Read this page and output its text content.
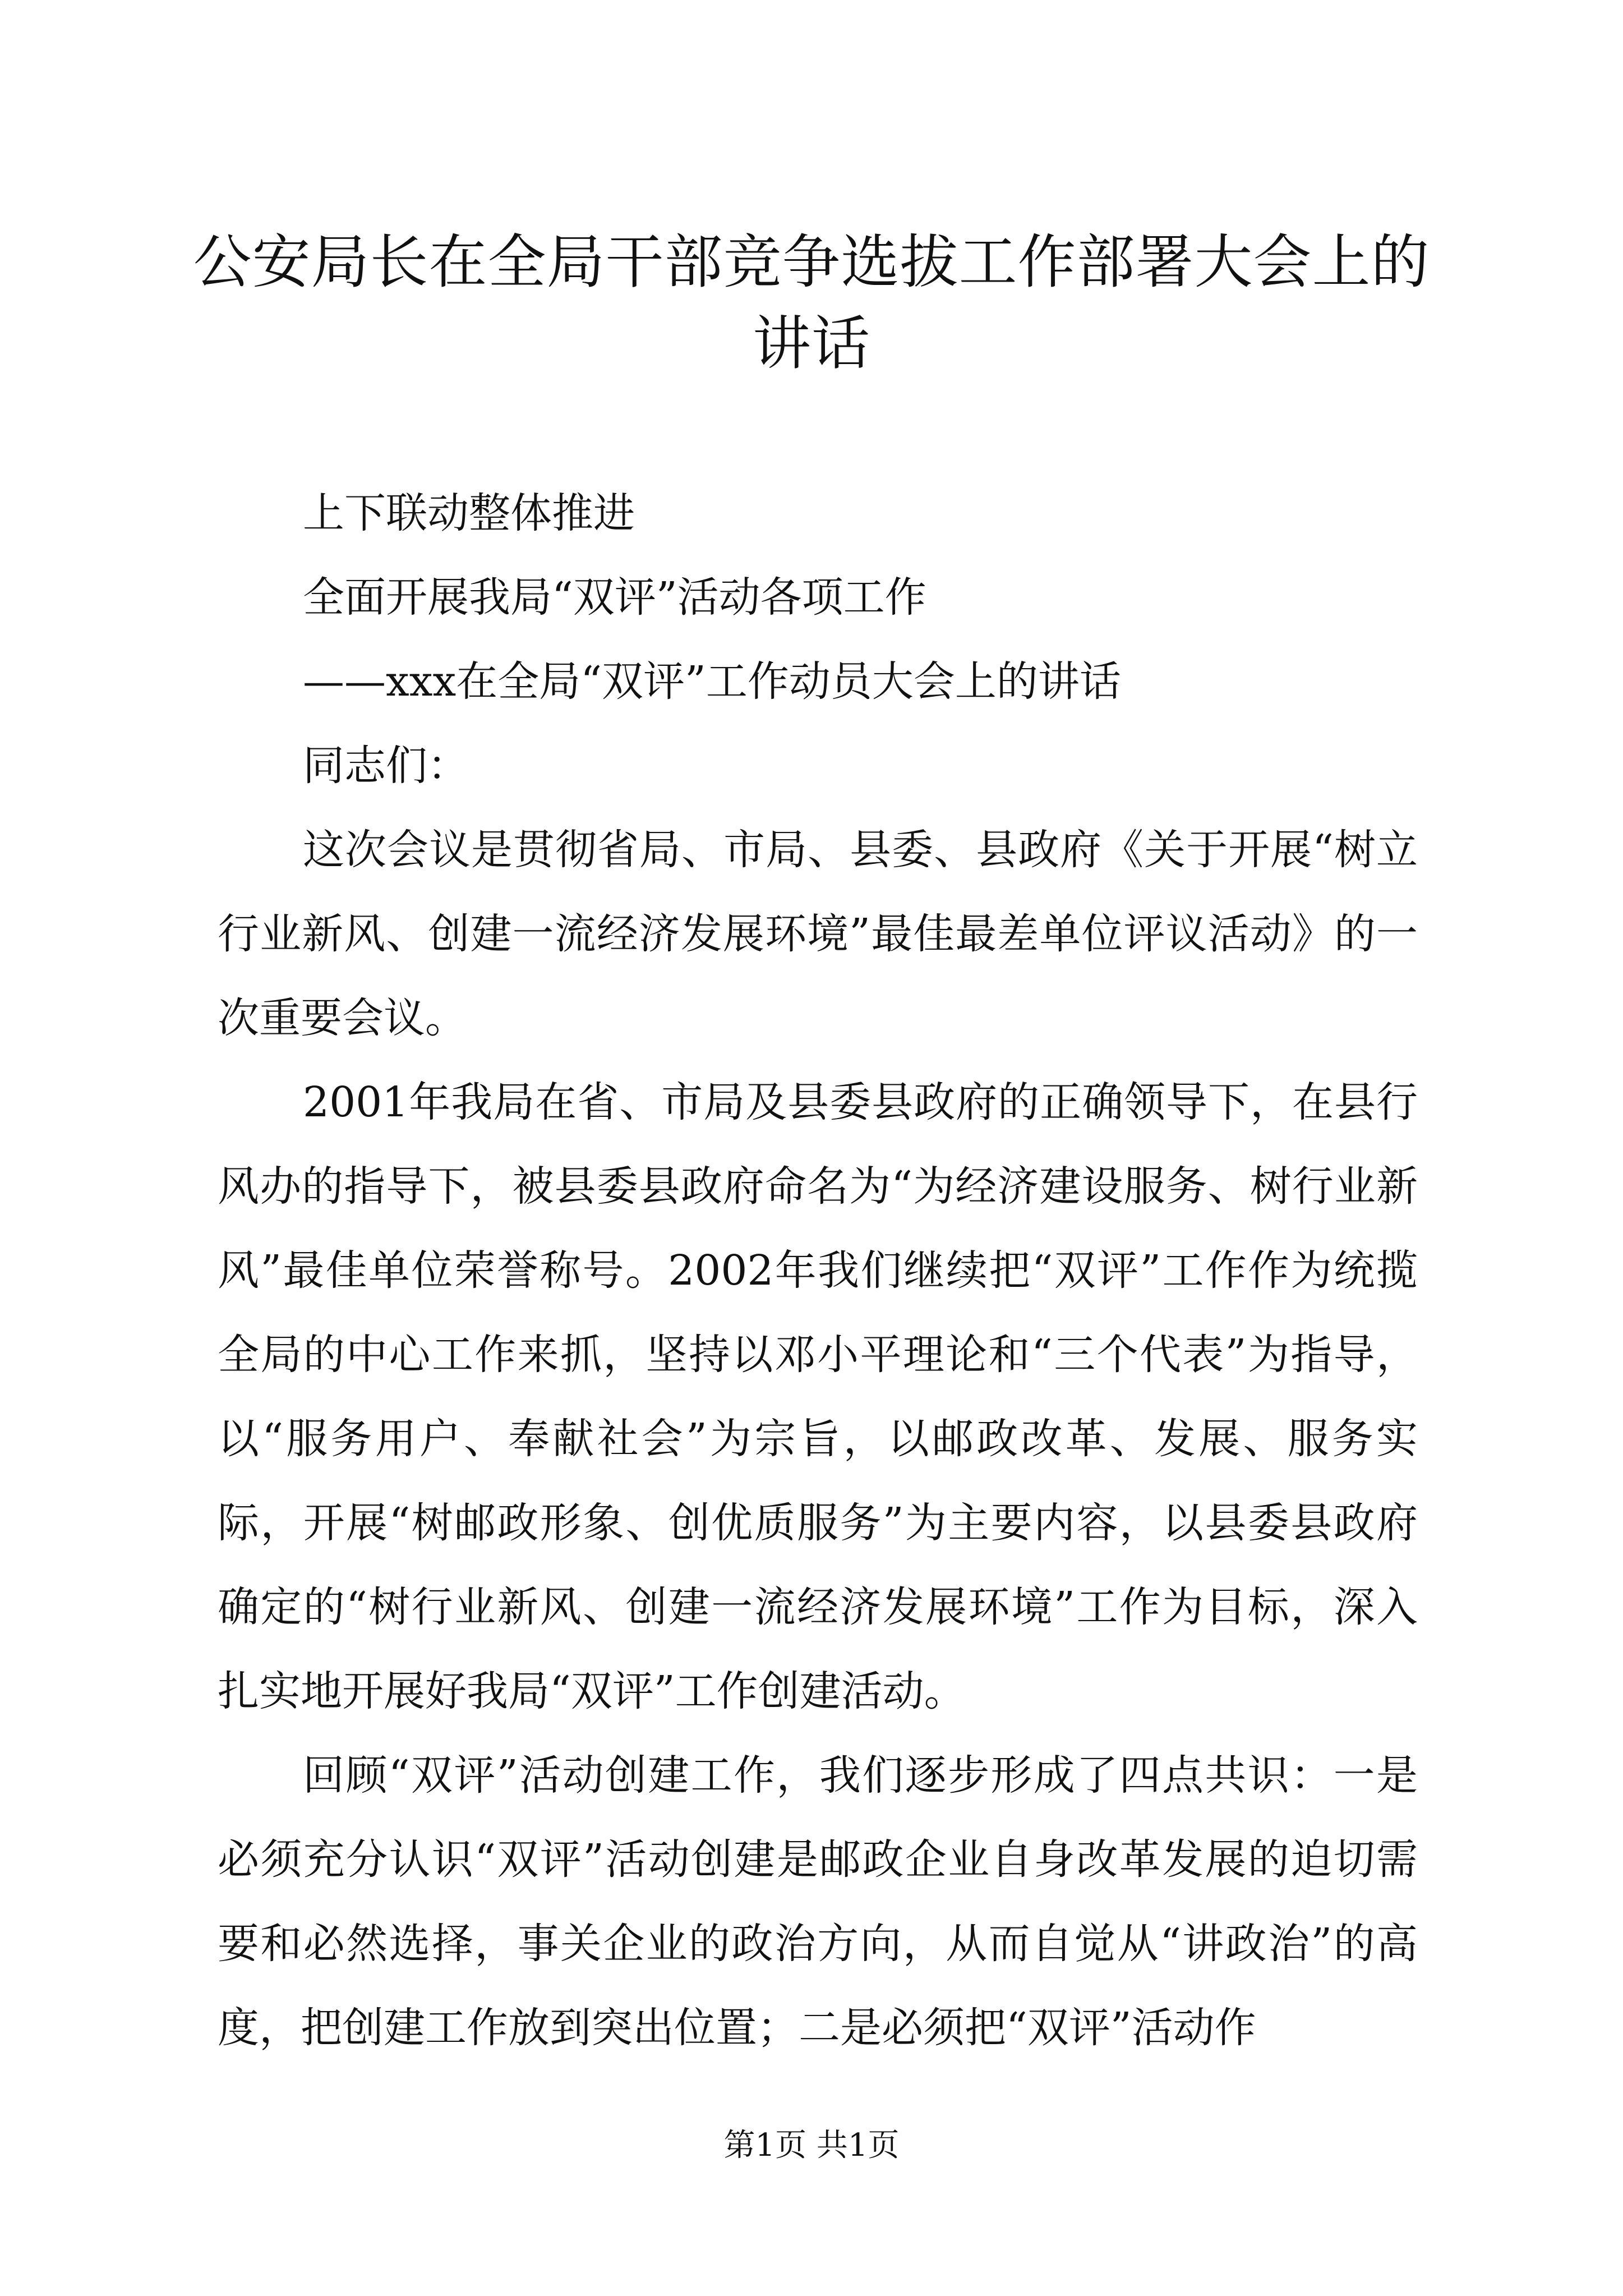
公安局长在全局干部竞争选拔工作部署大会上的讲话

上下联动整体推进

全面开展我局“双评”活动各项工作

——xxx在全局“双评”工作动员大会上的讲话

同志们：

这次会议是贯彻省局、市局、县委、县政府《关于开展“树立行业新风、创建一流经济发展环境”最佳最差单位评议活动》的一次重要会议。

2001年我局在省、市局及县委县政府的正确领导下，在县行风办的指导下，被县委县政府命名为“为经济建设服务、树行业新风”最佳单位荣誉称号。2002年我们继续把“双评”工作作为统揽全局的中心工作来抓，坚持以邓小平理论和“三个代表”为指导，以“服务用户、奉献社会”为宗旨，以邮政改革、发展、服务实际，开展“树邮政形象、创优质服务”为主要内容，以县委县政府确定的“树行业新风、创建一流经济发展环境”工作为目标，深入扎实地开展好我局“双评”工作创建活动。

回顾“双评”活动创建工作，我们逐步形成了四点共识：一是必须充分认识“双评”活动创建是邮政企业自身改革发展的迫切需要和必然选择，事关企业的政治方向，从而自觉从“讲政治”的高度，把创建工作放到突出位置；二是必须把“双评”活动作

第1页 共1页
